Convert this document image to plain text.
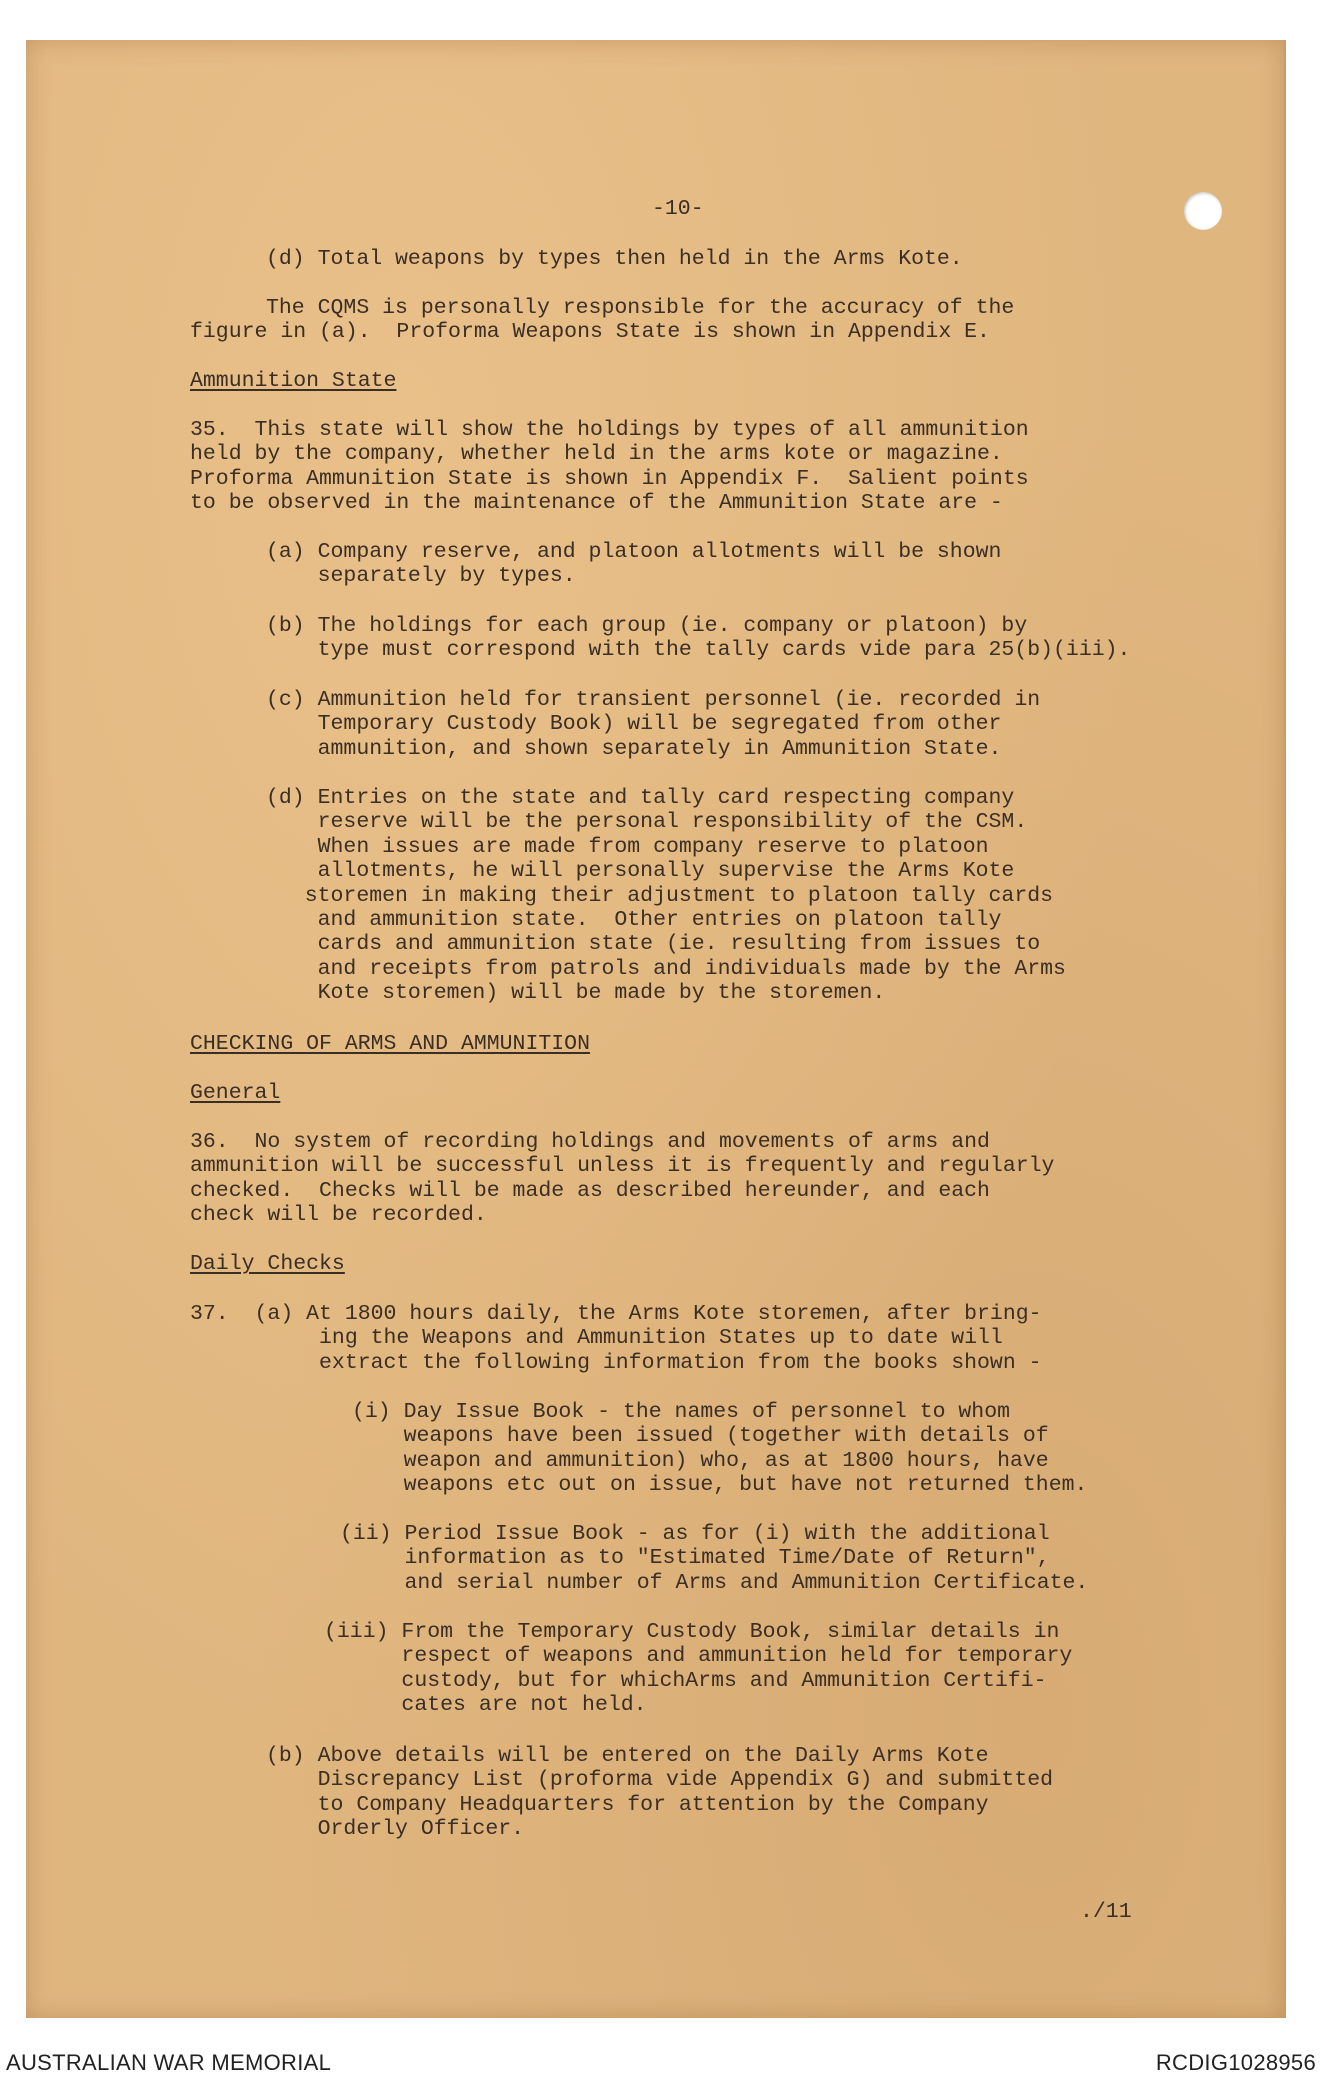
-10-
(d) Total weapons by types then held in the Arms Kote.
The CQMS is personally responsible for the accuracy of the
figure in (a).  Proforma Weapons State is shown in Appendix E.
Ammunition State
35.  This state will show the holdings by types of all ammunition
held by the company, whether held in the arms kote or magazine.
Proforma Ammunition State is shown in Appendix F.  Salient points
to be observed in the maintenance of the Ammunition State are -
(a) Company reserve, and platoon allotments will be shown
separately by types.
(b) The holdings for each group (ie. company or platoon) by
type must correspond with the tally cards vide para 25(b)(iii).
(c) Ammunition held for transient personnel (ie. recorded in
Temporary Custody Book) will be segregated from other
ammunition, and shown separately in Ammunition State.
(d) Entries on the state and tally card respecting company
reserve will be the personal responsibility of the CSM.
When issues are made from company reserve to platoon
allotments, he will personally supervise the Arms Kote
storemen in making their adjustment to platoon tally cards
and ammunition state.  Other entries on platoon tally
cards and ammunition state (ie. resulting from issues to
and receipts from patrols and individuals made by the Arms
Kote storemen) will be made by the storemen.
CHECKING OF ARMS AND AMMUNITION
General
36.  No system of recording holdings and movements of arms and
ammunition will be successful unless it is frequently and regularly
checked.  Checks will be made as described hereunder, and each
check will be recorded.
Daily Checks
37.  (a) At 1800 hours daily, the Arms Kote storemen, after bring-
ing the Weapons and Ammunition States up to date will
extract the following information from the books shown -
(i) Day Issue Book - the names of personnel to whom
weapons have been issued (together with details of
weapon and ammunition) who, as at 1800 hours, have
weapons etc out on issue, but have not returned them.
(ii) Period Issue Book - as for (i) with the additional
information as to "Estimated Time/Date of Return",
and serial number of Arms and Ammunition Certificate.
(iii) From the Temporary Custody Book, similar details in
respect of weapons and ammunition held for temporary
custody, but for whichArms and Ammunition Certifi-
cates are not held.
(b) Above details will be entered on the Daily Arms Kote
Discrepancy List (proforma vide Appendix G) and submitted
to Company Headquarters for attention by the Company
Orderly Officer.
./11
AUSTRALIAN WAR MEMORIAL	RCDIG1028956
